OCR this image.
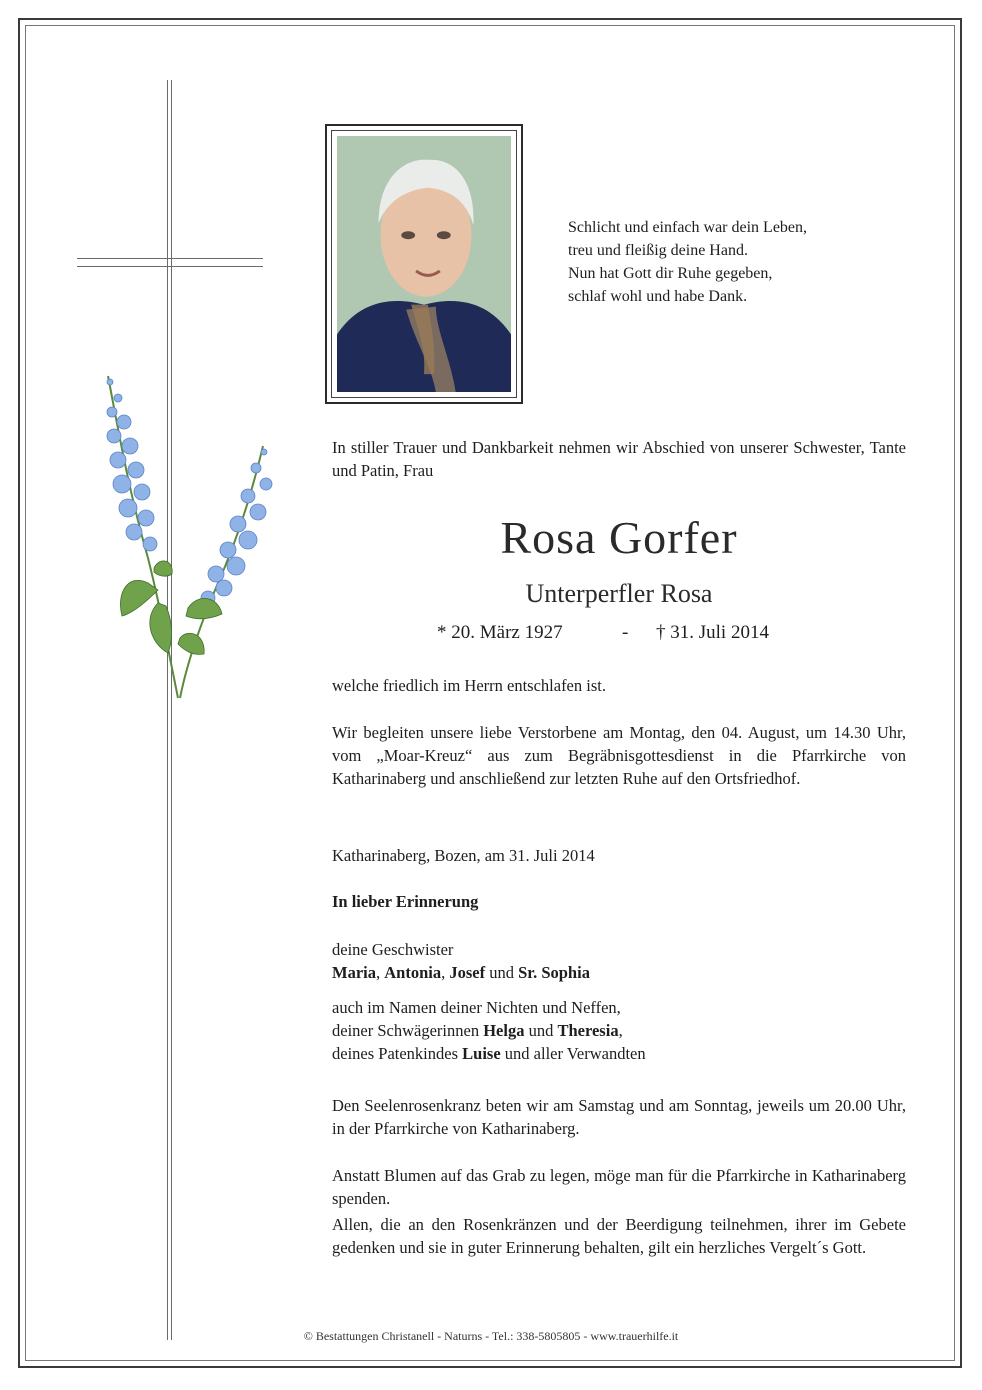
Schlicht und einfach war dein Leben,
treu und fleißig deine Hand.
Nun hat Gott dir Ruhe gegeben,
schlaf wohl und habe Dank.
In stiller Trauer und Dankbarkeit nehmen wir Abschied von unserer Schwester, Tante und Patin, Frau
Rosa Gorfer
Unterperfler Rosa
* 20. März 1927	- † 31. Juli 2014
welche friedlich im Herrn entschlafen ist.
Wir begleiten unsere liebe Verstorbene am Montag, den 04. August, um 14.30 Uhr, vom „Moar-Kreuz“ aus zum Begräbnisgottesdienst in die Pfarrkirche von Katharinaberg und anschließend zur letzten Ruhe auf den Ortsfriedhof.
Katharinaberg, Bozen, am 31. Juli 2014
In lieber Erinnerung
deine Geschwister
Maria, Antonia, Josef und Sr. Sophia
auch im Namen deiner Nichten und Neffen,
deiner Schwägerinnen Helga und Theresia,
deines Patenkindes Luise und aller Verwandten
Den Seelenrosenkranz beten wir am Samstag und am Sonntag, jeweils um 20.00 Uhr, in der Pfarrkirche von Katharinaberg.
Anstatt Blumen auf das Grab zu legen, möge man für die Pfarrkirche in Katharinaberg spenden.
Allen, die an den Rosenkränzen und der Beerdigung teilnehmen, ihrer im Gebete gedenken und sie in guter Erinnerung behalten, gilt ein herzliches Vergelt´s Gott.
© Bestattungen Christanell - Naturns - Tel.: 338-5805805 - www.trauerhilfe.it
